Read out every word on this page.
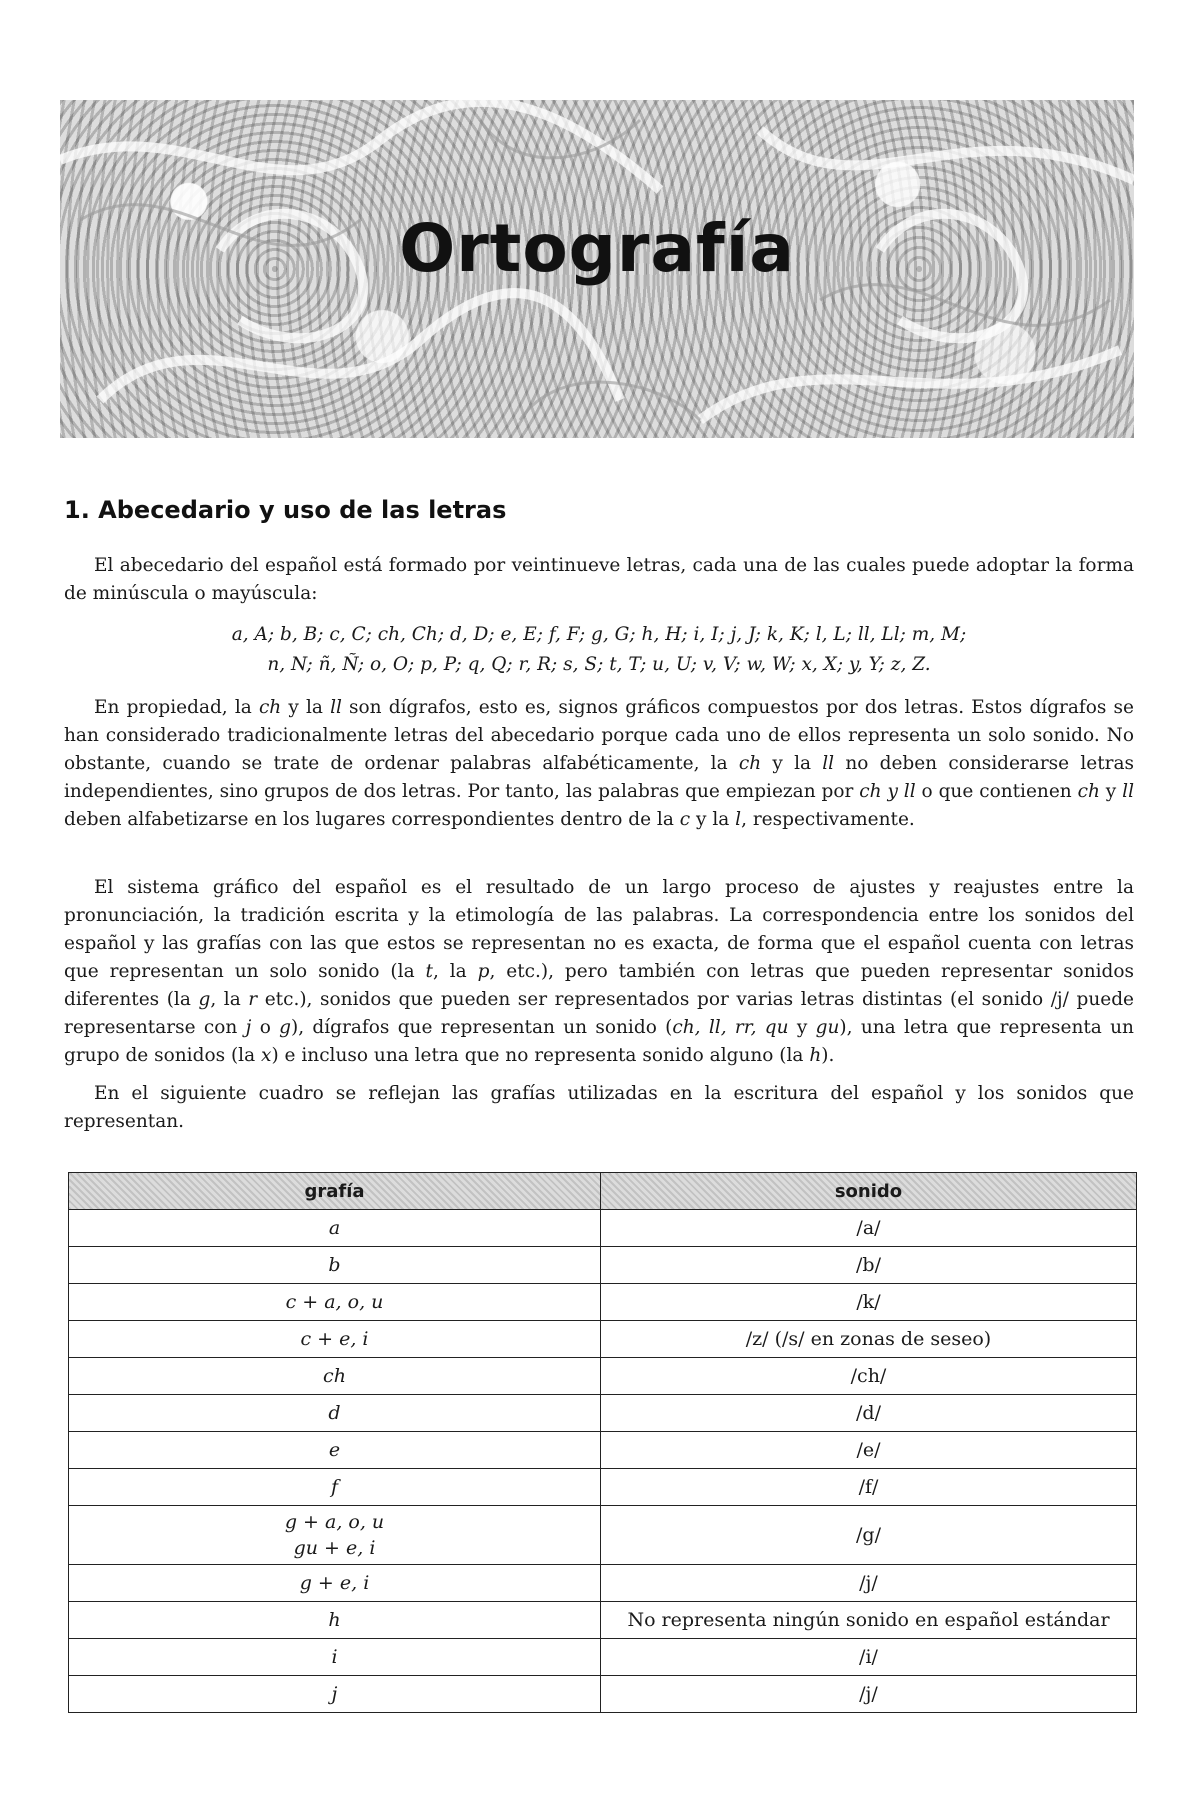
Ortografía
1. Abecedario y uso de las letras

El abecedario del español está formado por veintinueve letras, cada una de las cuales puede adoptar la forma de minúscula o mayúscula:

a, A; b, B; c, C; ch, Ch; d, D; e, E; f, F; g, G; h, H; i, I; j, J; k, K; l, L; ll, Ll; m, M;
n, N; ñ, Ñ; o, O; p, P; q, Q; r, R; s, S; t, T; u, U; v, V; w, W; x, X; y, Y; z, Z.

En propiedad, la ch y la ll son dígrafos, esto es, signos gráficos compuestos por dos letras. Estos dígrafos se han considerado tradicionalmente letras del abecedario porque cada uno de ellos representa un solo sonido. No obstante, cuando se trate de ordenar palabras alfabéticamente, la ch y la ll no deben considerarse letras independientes, sino grupos de dos letras. Por tanto, las palabras que empiezan por ch y ll o que contienen ch y ll deben alfabetizarse en los lugares correspondientes dentro de la c y la l, respectivamente.

El sistema gráfico del español es el resultado de un largo proceso de ajustes y reajustes entre la pronunciación, la tradición escrita y la etimología de las palabras. La correspondencia entre los sonidos del español y las grafías con las que estos se representan no es exacta, de forma que el español cuenta con letras que representan un solo sonido (la t, la p, etc.), pero también con letras que pueden representar sonidos diferentes (la g, la r etc.), sonidos que pueden ser representados por varias letras distintas (el sonido /j/ puede representarse con j o g), dígrafos que representan un sonido (ch, ll, rr, qu y gu), una letra que representa un grupo de sonidos (la x) e incluso una letra que no representa sonido alguno (la h).

En el siguiente cuadro se reflejan las grafías utilizadas en la escritura del español y los sonidos que representan.

grafía	sonido
a	/a/
b	/b/
c + a, o, u	/k/
c + e, i	/z/ (/s/ en zonas de seseo)
ch	/ch/
d	/d/
e	/e/
f	/f/

g + a, o, u
gu + e, i	/g/
g + e, i	/j/
h	No representa ningún sonido en español estándar
i	/i/
j	/j/
